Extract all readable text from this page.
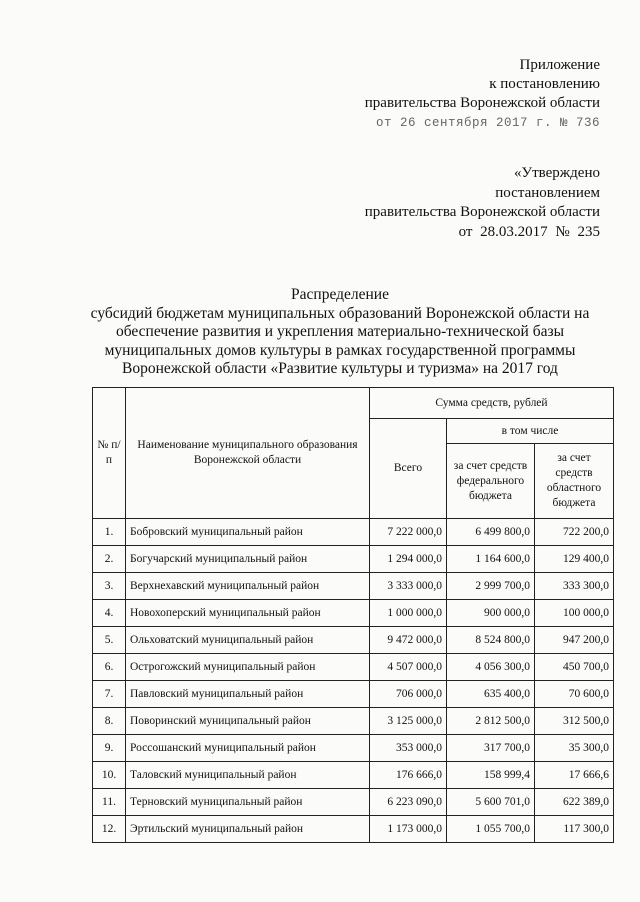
Приложение
к постановлению
правительства Воронежской области
от 26 сентября 2017 г. № 736
«Утверждено
постановлением
правительства Воронежской области
от 28.03.2017 № 235
Распределение
субсидий бюджетам муниципальных образований Воронежской области на
обеспечение развития и укрепления материально-технической базы
муниципальных домов культуры в рамках государственной программы
Воронежской области «Развитие культуры и туризма» на 2017 год
№ п/п	Наименование муниципального образования Воронежской области	Сумма средств, рублей		
		Всего	в том числе	
			за счет средств федерального бюджета	за счет средств областного бюджета
1.	Бобровский муниципальный район	7 222 000,0	6 499 800,0	722 200,0
2.	Богучарский муниципальный район	1 294 000,0	1 164 600,0	129 400,0
3.	Верхнехавский муниципальный район	3 333 000,0	2 999 700,0	333 300,0
4.	Новохоперский муниципальный район	1 000 000,0	900 000,0	100 000,0
5.	Ольховатский муниципальный район	9 472 000,0	8 524 800,0	947 200,0
6.	Острогожский муниципальный район	4 507 000,0	4 056 300,0	450 700,0
7.	Павловский муниципальный район	706 000,0	635 400,0	70 600,0
8.	Поворинский муниципальный район	3 125 000,0	2 812 500,0	312 500,0
9.	Россошанский муниципальный район	353 000,0	317 700,0	35 300,0
10.	Таловский муниципальный район	176 666,0	158 999,4	17 666,6
11.	Терновский муниципальный район	6 223 090,0	5 600 701,0	622 389,0
12.	Эртильский муниципальный район	1 173 000,0	1 055 700,0	117 300,0
